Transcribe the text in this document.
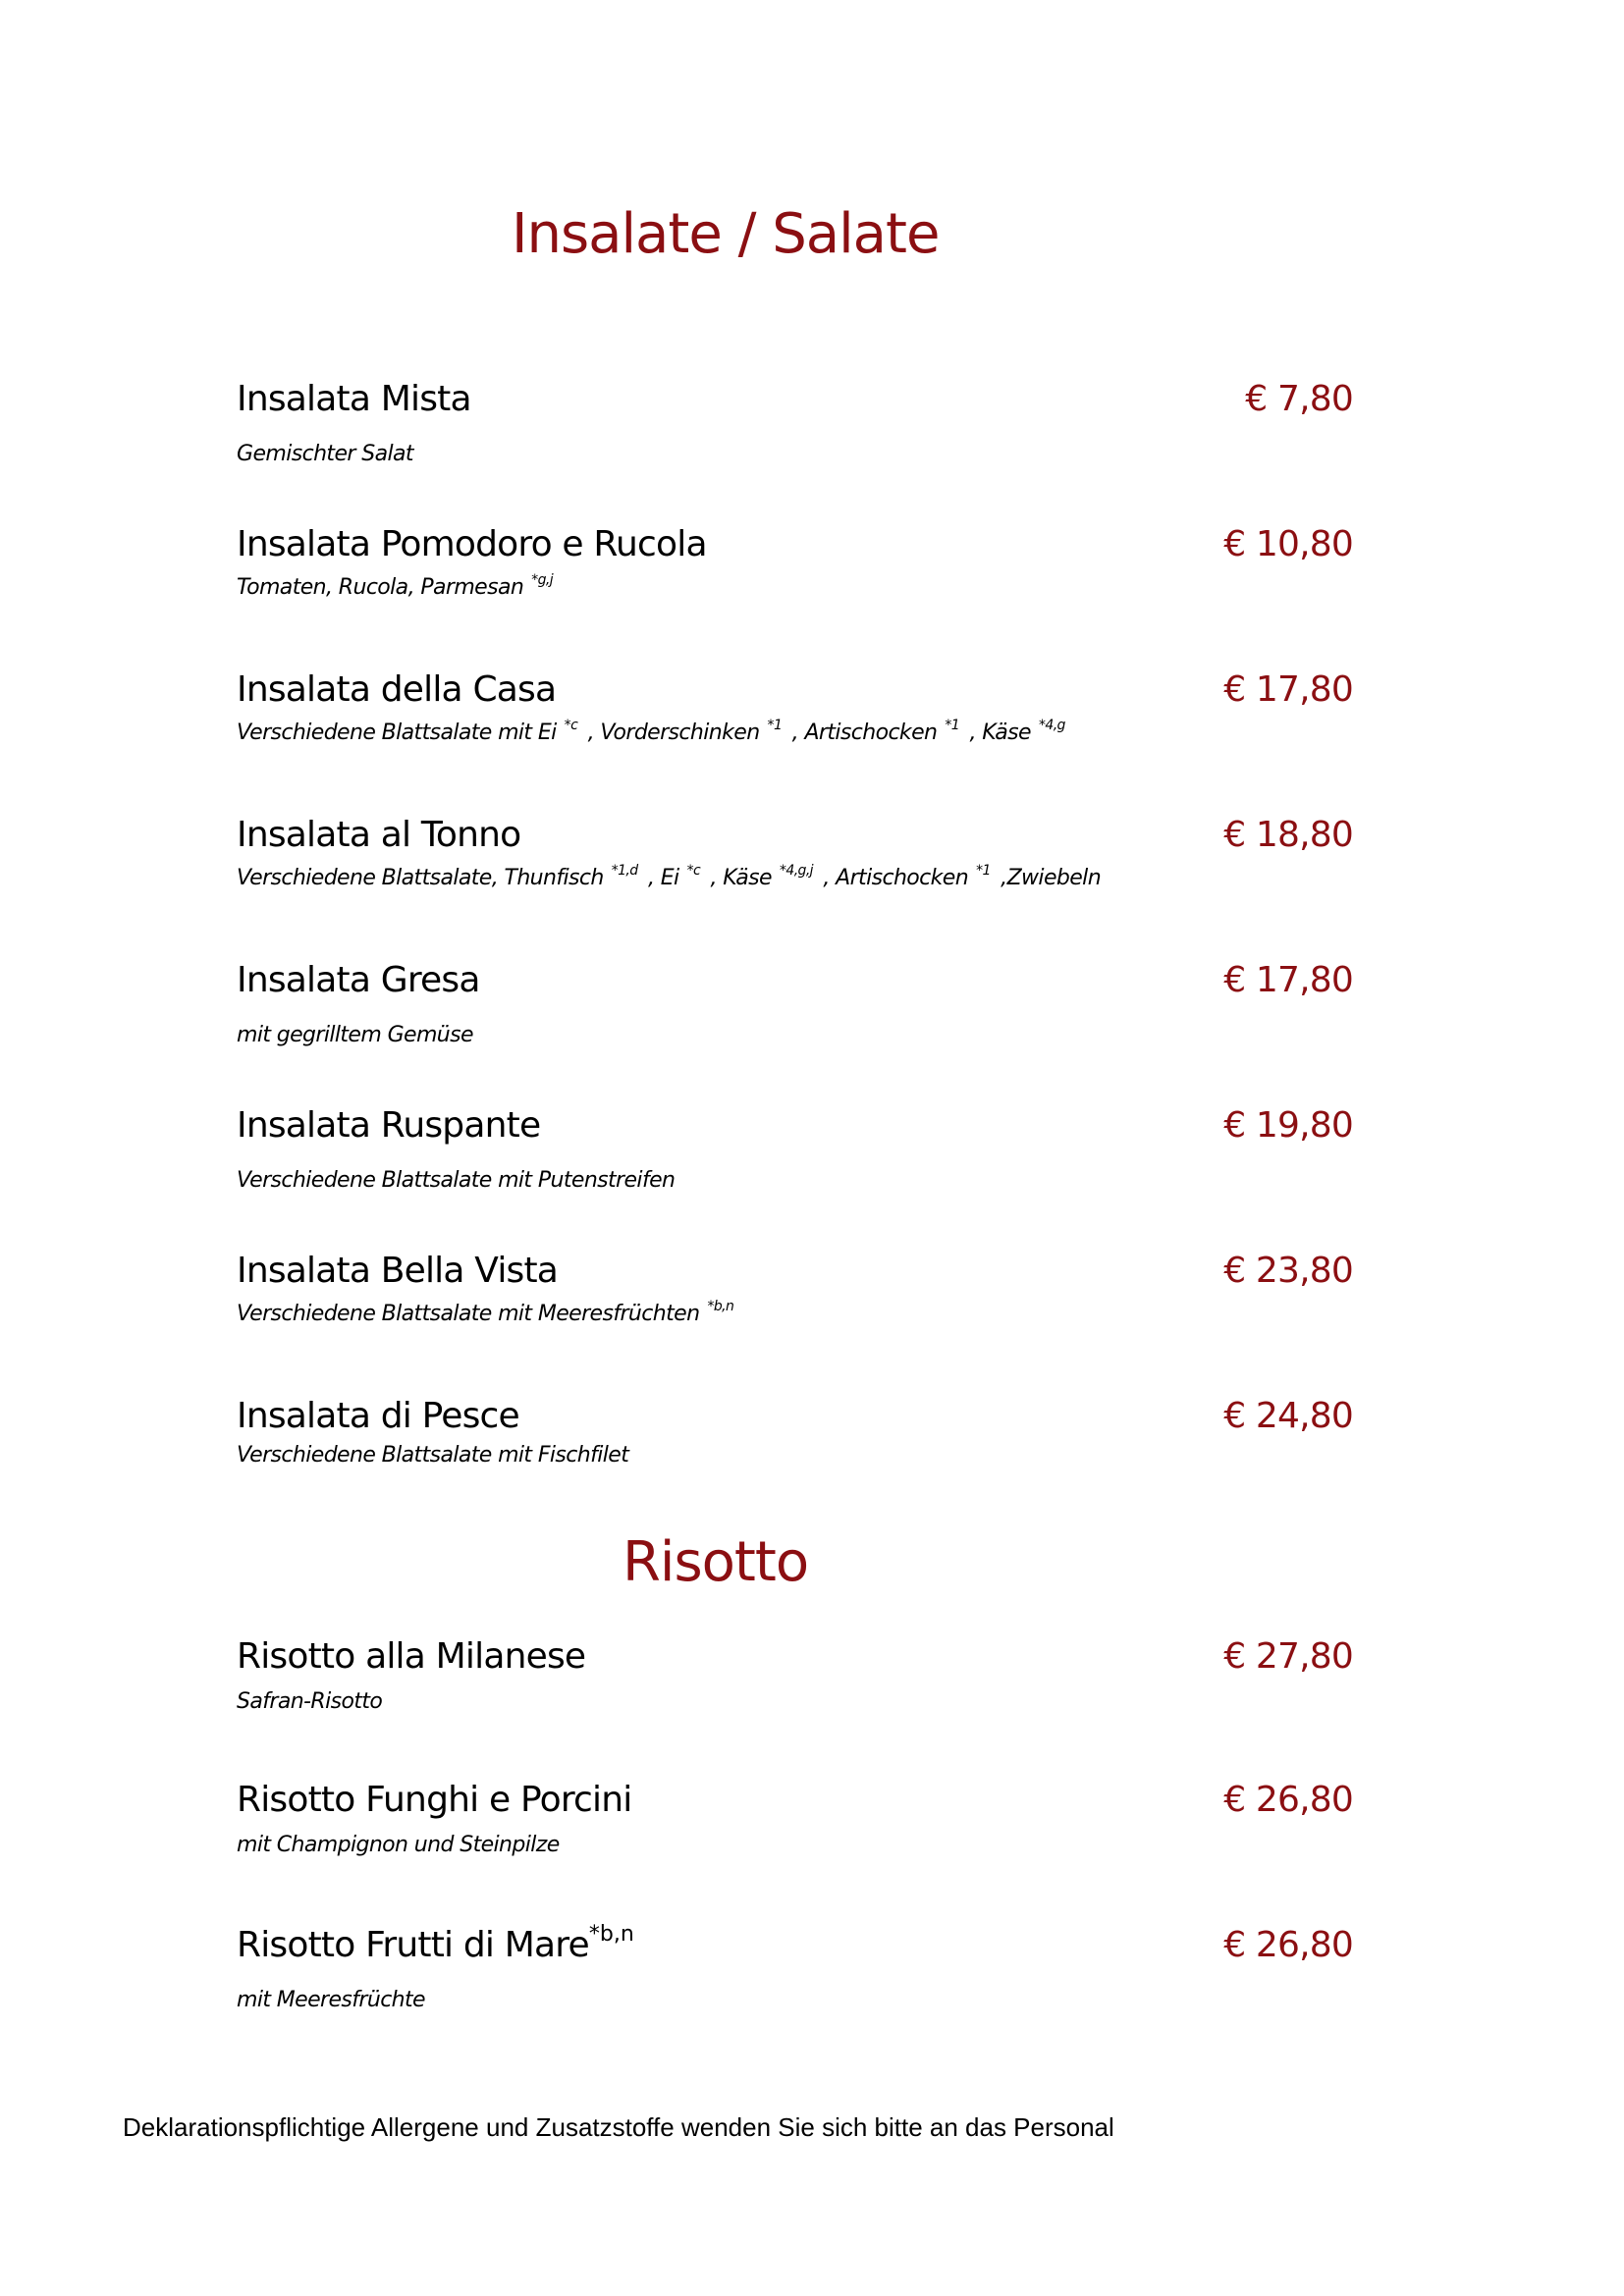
Insalate / Salate
Insalata Mista	€ 7,80
Gemischter Salat
Insalata Pomodoro e Rucola	€ 10,80
Tomaten, Rucola, Parmesan $^{*g,j}$
Insalata della Casa	€ 17,80
Verschiedene Blattsalate mit Ei $^{*c}$ , Vorderschinken $^{*1}$ , Artischocken $^{*1}$ , Käse $^{*4,g}$
Insalata al Tonno	€ 18,80
Verschiedene Blattsalate, Thunfisch $^{*1,d}$ , Ei $^{*c}$ , Käse $^{*4,g,j}$ , Artischocken $^{*1}$ ,Zwiebeln
Insalata Gresa	€ 17,80
mit gegrilltem Gemüse
Insalata Ruspante	€ 19,80
Verschiedene Blattsalate mit Putenstreifen
Insalata Bella Vista	€ 23,80
Verschiedene Blattsalate mit Meeresfrüchten $^{*b,n}$
Insalata di Pesce	€ 24,80
Verschiedene Blattsalate mit Fischfilet
Risotto
Risotto alla Milanese	€ 27,80
Safran-Risotto
Risotto Funghi e Porcini	€ 26,80
mit Champignon und Steinpilze
Risotto Frutti di Mare$^{*b,n}$	€ 26,80
mit Meeresfrüchte
Deklarationspflichtige Allergene und Zusatzstoffe wenden Sie sich bitte an das Personal
